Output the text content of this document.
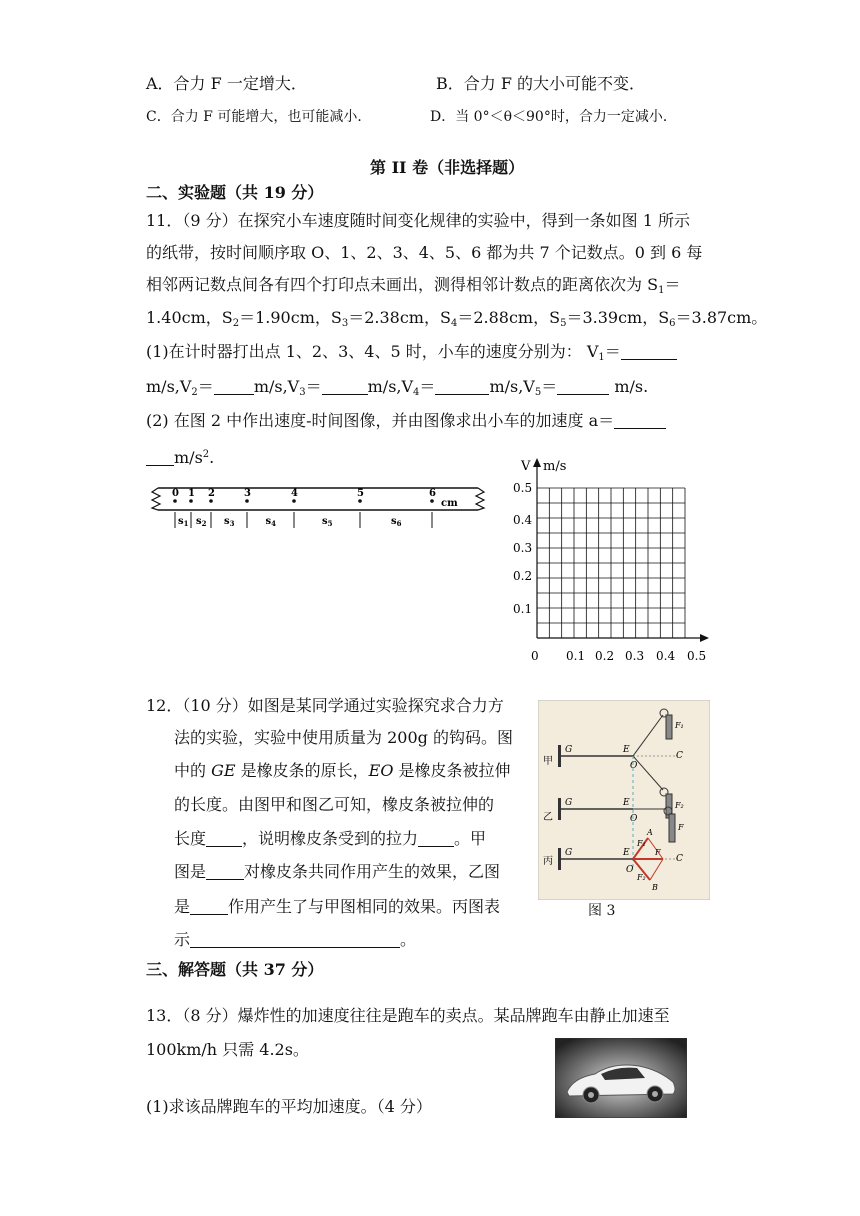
A．合力 F 一定增大．	B．合力 F 的大小可能不变．
C．合力 F 可能增大，也可能减小．	D．当 0°＜θ＜90°时，合力一定减小．
第 II 卷（非选择题）
二、实验题（共 19 分）
11．（9 分）在探究小车速度随时间变化规律的实验中，得到一条如图 1 所示
的纸带，按时间顺序取 O、1、2、3、4、5、6 都为共 7 个记数点。0 到 6 每
相邻两记数点间各有四个打印点未画出，测得相邻计数点的距离依次为 $S_1=$
1.40cm，$S_2=1.90cm$，$S_3=2.38cm$，$S_4=2.88cm$，$S_5=3.39cm$，$S_6=3.87cm$。
(1)在计时器打出点 1、2、3、4、5 时，小车的速度分别为： $V_1=$
$m/s,V_2=$	$m/s,V_3=$	$m/s,V_4=$	$m/s,V_5=$	m/s.
(2) 在图 2 中作出速度-时间图像，并由图像求出小车的加速度 a＝
$m/s^2$.
0 1 2	3	4	5	6
$s_1$ $s_2$ $s_3$	$s_4$	$s_5$	$s_6$
cm
V m/s
0.5
0.4
0.3
0.2
0.1
0 0.1 0.2 0.3 0.4 0.5
12．（10 分）如图是某同学通过实验探究求合力方
法的实验，实验中使用质量为 200g 的钩码。图
中的 GE 是橡皮条的原长，EO 是橡皮条被拉伸
的长度。由图甲和图乙可知，橡皮条被拉伸的
长度 ，说明橡皮条受到的拉力 。甲
图是 对橡皮条共同作用产生的效果，乙图
是 作用产生了与甲图相同的效果。丙图表
示	。
甲
G	E
O
C
F₁
F₂
乙
G	E
O
F
丙
G	E
O
C
A
B
F₁
F
F₂
图 3
三、解答题（共 37 分）
13．（8 分）爆炸性的加速度往往是跑车的卖点。某品牌跑车由静止加速至
100km/h 只需 4.2s。
(1)求该品牌跑车的平均加速度。（4 分）
